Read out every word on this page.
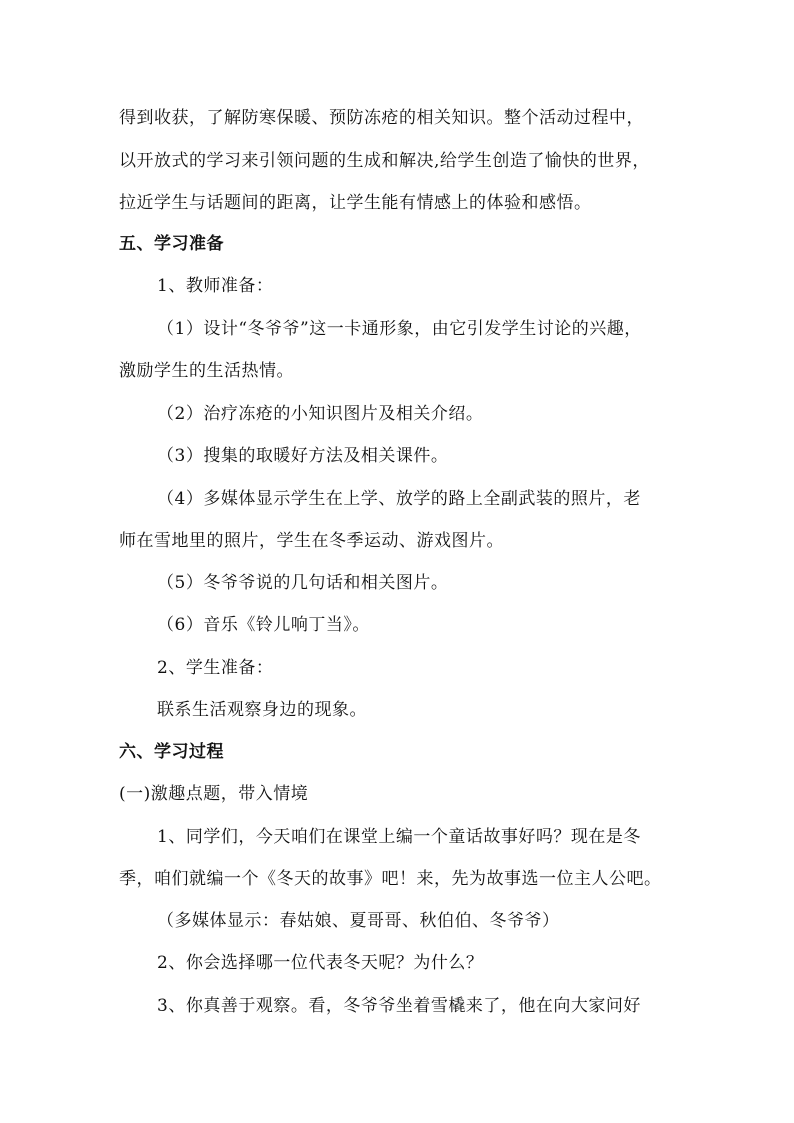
得到收获，了解防寒保暖、预防冻疮的相关知识。整个活动过程中，
以开放式的学习来引领问题的生成和解决,给学生创造了愉快的世界，
拉近学生与话题间的距离，让学生能有情感上的体验和感悟。
五、学习准备
1、教师准备：
（1）设计“冬爷爷”这一卡通形象，由它引发学生讨论的兴趣，
激励学生的生活热情。
（2）治疗冻疮的小知识图片及相关介绍。
（3）搜集的取暖好方法及相关课件。
（4）多媒体显示学生在上学、放学的路上全副武装的照片，老
师在雪地里的照片，学生在冬季运动、游戏图片。
（5）冬爷爷说的几句话和相关图片。
（6）音乐《铃儿响丁当》。
2、学生准备：
联系生活观察身边的现象。
六、学习过程
(一)激趣点题，带入情境
1、同学们，今天咱们在课堂上编一个童话故事好吗？现在是冬
季，咱们就编一个《冬天的故事》吧！来，先为故事选一位主人公吧。
（多媒体显示：春姑娘、夏哥哥、秋伯伯、冬爷爷）
2、你会选择哪一位代表冬天呢？为什么？
3、你真善于观察。看，冬爷爷坐着雪橇来了，他在向大家问好
